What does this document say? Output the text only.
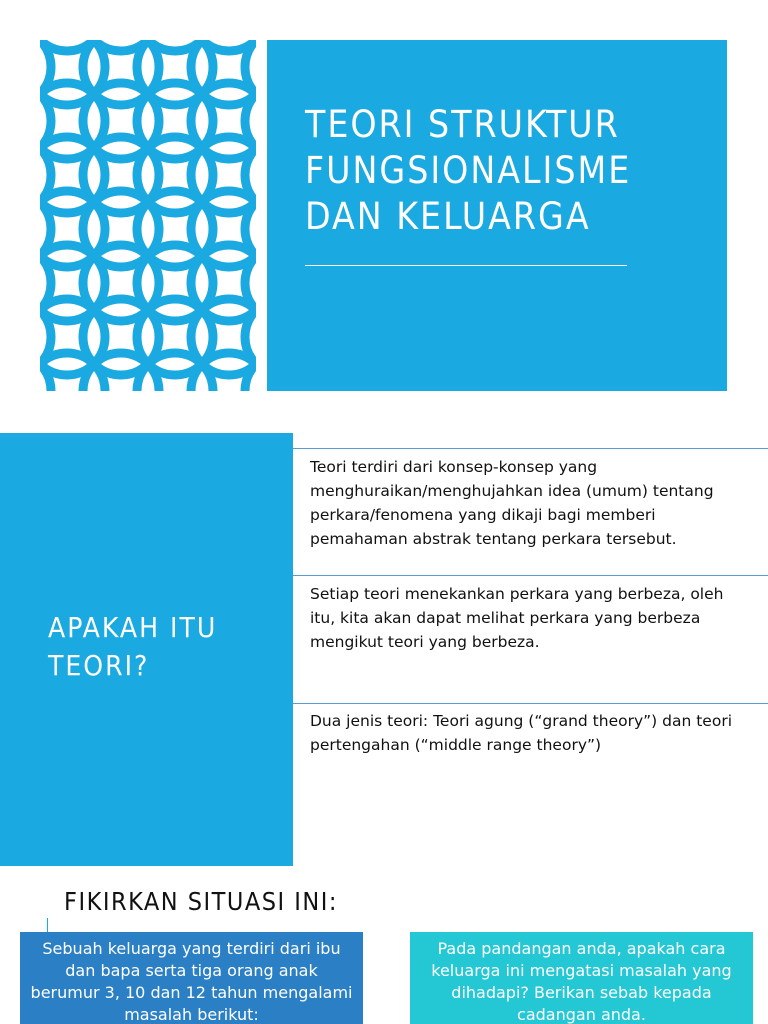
TEORI STRUKTUR FUNGSIONALISME DAN KELUARGA
APAKAH ITU TEORI?
Teori terdiri dari konsep-konsep yang menghuraikan/menghujahkan idea (umum) tentang perkara/fenomena yang dikaji bagi memberi pemahaman abstrak tentang perkara tersebut.
Setiap teori menekankan perkara yang berbeza, oleh itu, kita akan dapat melihat perkara yang berbeza mengikut teori yang berbeza.
Dua jenis teori: Teori agung (“grand theory”) dan teori pertengahan (“middle range theory”)
FIKIRKAN SITUASI INI:
Sebuah keluarga yang terdiri dari ibu dan bapa serta tiga orang anak berumur 3, 10 dan 12 tahun mengalami masalah berikut:
Pada pandangan anda, apakah cara keluarga ini mengatasi masalah yang dihadapi? Berikan sebab kepada cadangan anda.
